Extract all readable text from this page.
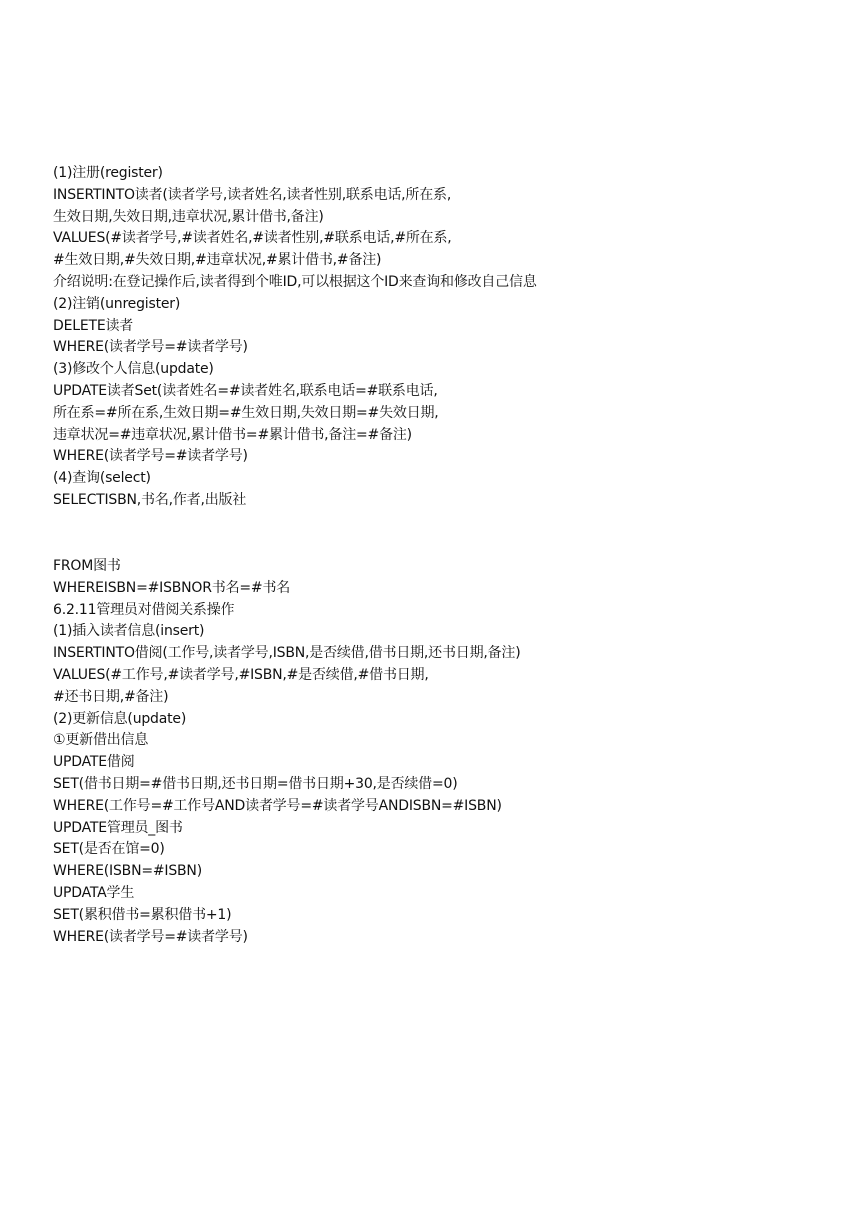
(1)注册(register)
INSERTINTO读者(读者学号,读者姓名,读者性别,联系电话,所在系,
生效日期,失效日期,违章状况,累计借书,备注)
VALUES(#读者学号,#读者姓名,#读者性别,#联系电话,#所在系,
#生效日期,#失效日期,#违章状况,#累计借书,#备注)
介绍说明:在登记操作后,读者得到个唯ID,可以根据这个ID来查询和修改自己信息
(2)注销(unregister)
DELETE读者
WHERE(读者学号=#读者学号)
(3)修改个人信息(update)
UPDATE读者Set(读者姓名=#读者姓名,联系电话=#联系电话,
所在系=#所在系,生效日期=#生效日期,失效日期=#失效日期,
违章状况=#违章状况,累计借书=#累计借书,备注=#备注)
WHERE(读者学号=#读者学号)
(4)查询(select)
SELECTISBN,书名,作者,出版社
FROM图书
WHEREISBN=#ISBNOR书名=#书名
6.2.11管理员对借阅关系操作
(1)插入读者信息(insert)
INSERTINTO借阅(工作号,读者学号,ISBN,是否续借,借书日期,还书日期,备注)
VALUES(#工作号,#读者学号,#ISBN,#是否续借,#借书日期,
#还书日期,#备注)
(2)更新信息(update)
①更新借出信息
UPDATE借阅
SET(借书日期=#借书日期,还书日期=借书日期+30,是否续借=0)
WHERE(工作号=#工作号AND读者学号=#读者学号ANDISBN=#ISBN)
UPDATE管理员_图书
SET(是否在馆=0)
WHERE(ISBN=#ISBN)
UPDATA学生
SET(累积借书=累积借书+1)
WHERE(读者学号=#读者学号)
